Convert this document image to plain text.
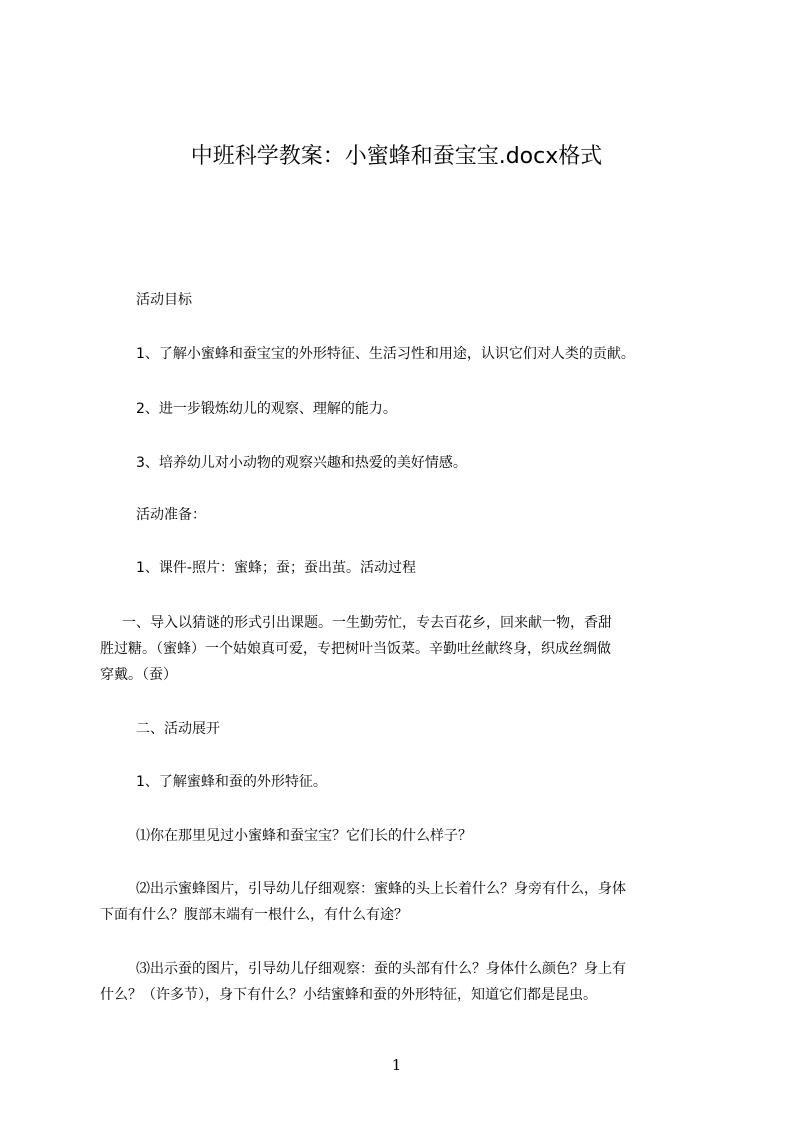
中班科学教案：小蜜蜂和蚕宝宝.docx格式
活动目标
1、了解小蜜蜂和蚕宝宝的外形特征、生活习性和用途，认识它们对人类的贡献。
2、进一步锻炼幼儿的观察、理解的能力。
3、培养幼儿对小动物的观察兴趣和热爱的美好情感。
活动准备：
1、课件-照片：蜜蜂；蚕；蚕出茧。活动过程
一、导入以猜谜的形式引出课题。一生勤劳忙，专去百花乡，回来献一物，香甜
胜过糖。（蜜蜂）一个姑娘真可爱，专把树叶当饭菜。辛勤吐丝献终身，织成丝绸做
穿戴。（蚕）
二、活动展开
1、了解蜜蜂和蚕的外形特征。
⑴你在那里见过小蜜蜂和蚕宝宝？它们长的什么样子？
⑵出示蜜蜂图片，引导幼儿仔细观察：蜜蜂的头上长着什么？身旁有什么，身体
下面有什么？腹部末端有一根什么，有什么有途？
⑶出示蚕的图片，引导幼儿仔细观察：蚕的头部有什么？身体什么颜色？身上有
什么？（许多节），身下有什么？小结蜜蜂和蚕的外形特征，知道它们都是昆虫。
1
